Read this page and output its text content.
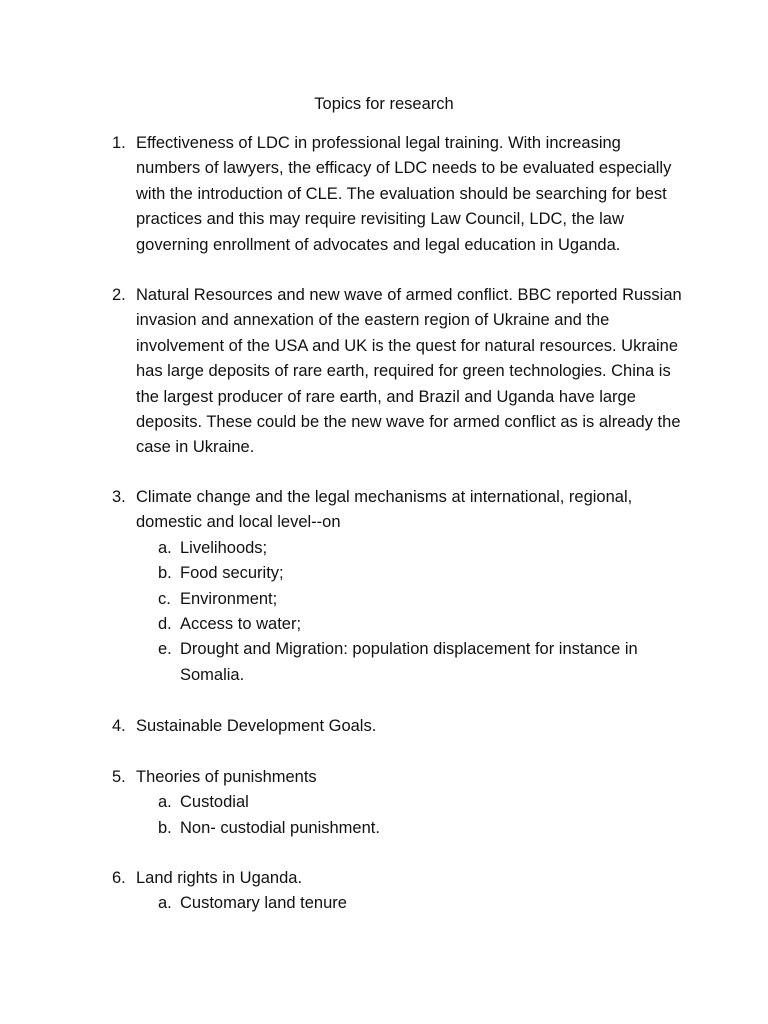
Topics for research
1. Effectiveness of LDC in professional legal training. With increasing numbers of lawyers, the efficacy of LDC needs to be evaluated especially with the introduction of CLE. The evaluation should be searching for best practices and this may require revisiting Law Council, LDC, the law governing enrollment of advocates and legal education in Uganda.
2. Natural Resources and new wave of armed conflict. BBC reported Russian invasion and annexation of the eastern region of Ukraine and the involvement of the USA and UK is the quest for natural resources. Ukraine has large deposits of rare earth, required for green technologies. China is the largest producer of rare earth, and Brazil and Uganda have large deposits. These could be the new wave for armed conflict as is already the case in Ukraine.
3. Climate change and the legal mechanisms at international, regional, domestic and local level--on
a. Livelihoods;
b. Food security;
c. Environment;
d. Access to water;
e. Drought and Migration: population displacement for instance in Somalia.
4. Sustainable Development Goals.
5. Theories of punishments
a. Custodial
b. Non- custodial punishment.
6. Land rights in Uganda.
a. Customary land tenure
